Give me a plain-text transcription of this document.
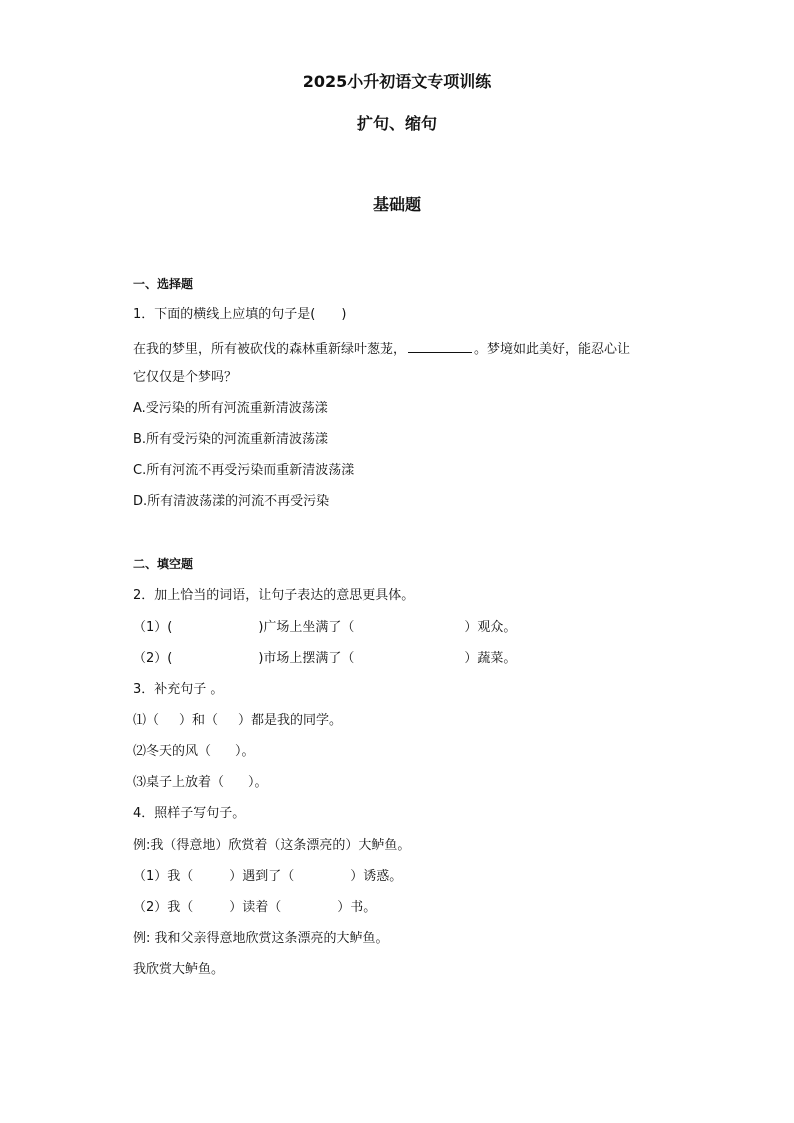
2025小升初语文专项训练
扩句、缩句
基础题
一、选择题
1．下面的横线上应填的句子是(　　)
在我的梦里，所有被砍伐的森林重新绿叶葱茏，	。梦境如此美好，能忍心让
它仅仅是个梦吗？
A.受污染的所有河流重新清波荡漾
B.所有受污染的河流重新清波荡漾
C.所有河流不再受污染而重新清波荡漾
D.所有清波荡漾的河流不再受污染
二、填空题
2．加上恰当的词语，让句子表达的意思更具体。
（1）(	)广场上坐满了（	）观众。
（2）(	)市场上摆满了（	）蔬菜。
3．补充句子 。
⑴（ ）和（ ）都是我的同学。
⑵冬天的风（ ）。
⑶桌子上放着（ ）。
4．照样子写句子。
例:我（得意地）欣赏着（这条漂亮的）大鲈鱼。
（1）我（	）遇到了（	）诱惑。
（2）我（	）读着（	）书。
例: 我和父亲得意地欣赏这条漂亮的大鲈鱼。
我欣赏大鲈鱼。
